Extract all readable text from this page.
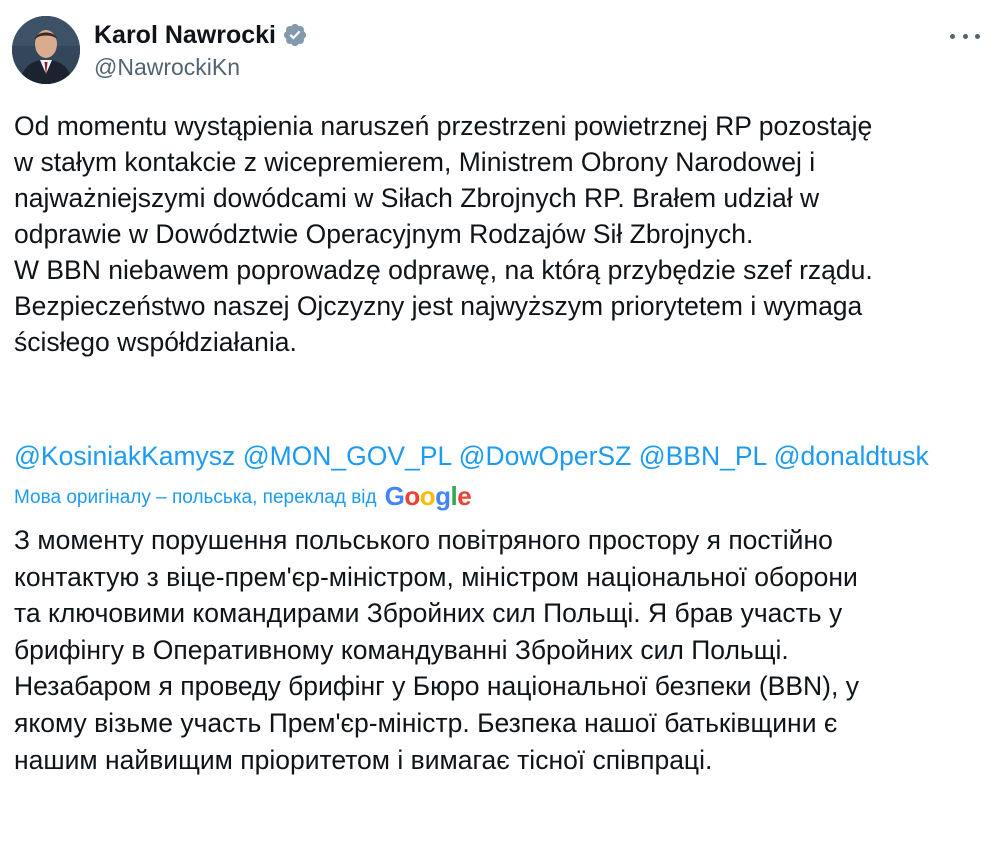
Karol Nawrocki
@NawrockiKn
Od momentu wystąpienia naruszeń przestrzeni powietrznej RP pozostaję
w stałym kontakcie z wicepremierem, Ministrem Obrony Narodowej i
najważniejszymi dowódcami w Siłach Zbrojnych RP. Brałem udział w
odprawie w Dowództwie Operacyjnym Rodzajów Sił Zbrojnych.
W BBN niebawem poprowadzę odprawę, na którą przybędzie szef rządu.
Bezpieczeństwo naszej Ojczyzny jest najwyższym priorytetem i wymaga
ścisłego współdziałania.
@KosiniakKamysz @MON_GOV_PL @DowOperSZ @BBN_PL @donaldtusk
Мова оригіналу – польська, переклад від Google
З моменту порушення польського повітряного простору я постійно
контактую з віце-прем'єр-міністром, міністром національної оборони
та ключовими командирами Збройних сил Польщі. Я брав участь у
брифінгу в Оперативному командуванні Збройних сил Польщі.
Незабаром я проведу брифінг у Бюро національної безпеки (BBN), у
якому візьме участь Прем'єр-міністр. Безпека нашої батьківщини є
нашим найвищим пріоритетом і вимагає тісної співпраці.
